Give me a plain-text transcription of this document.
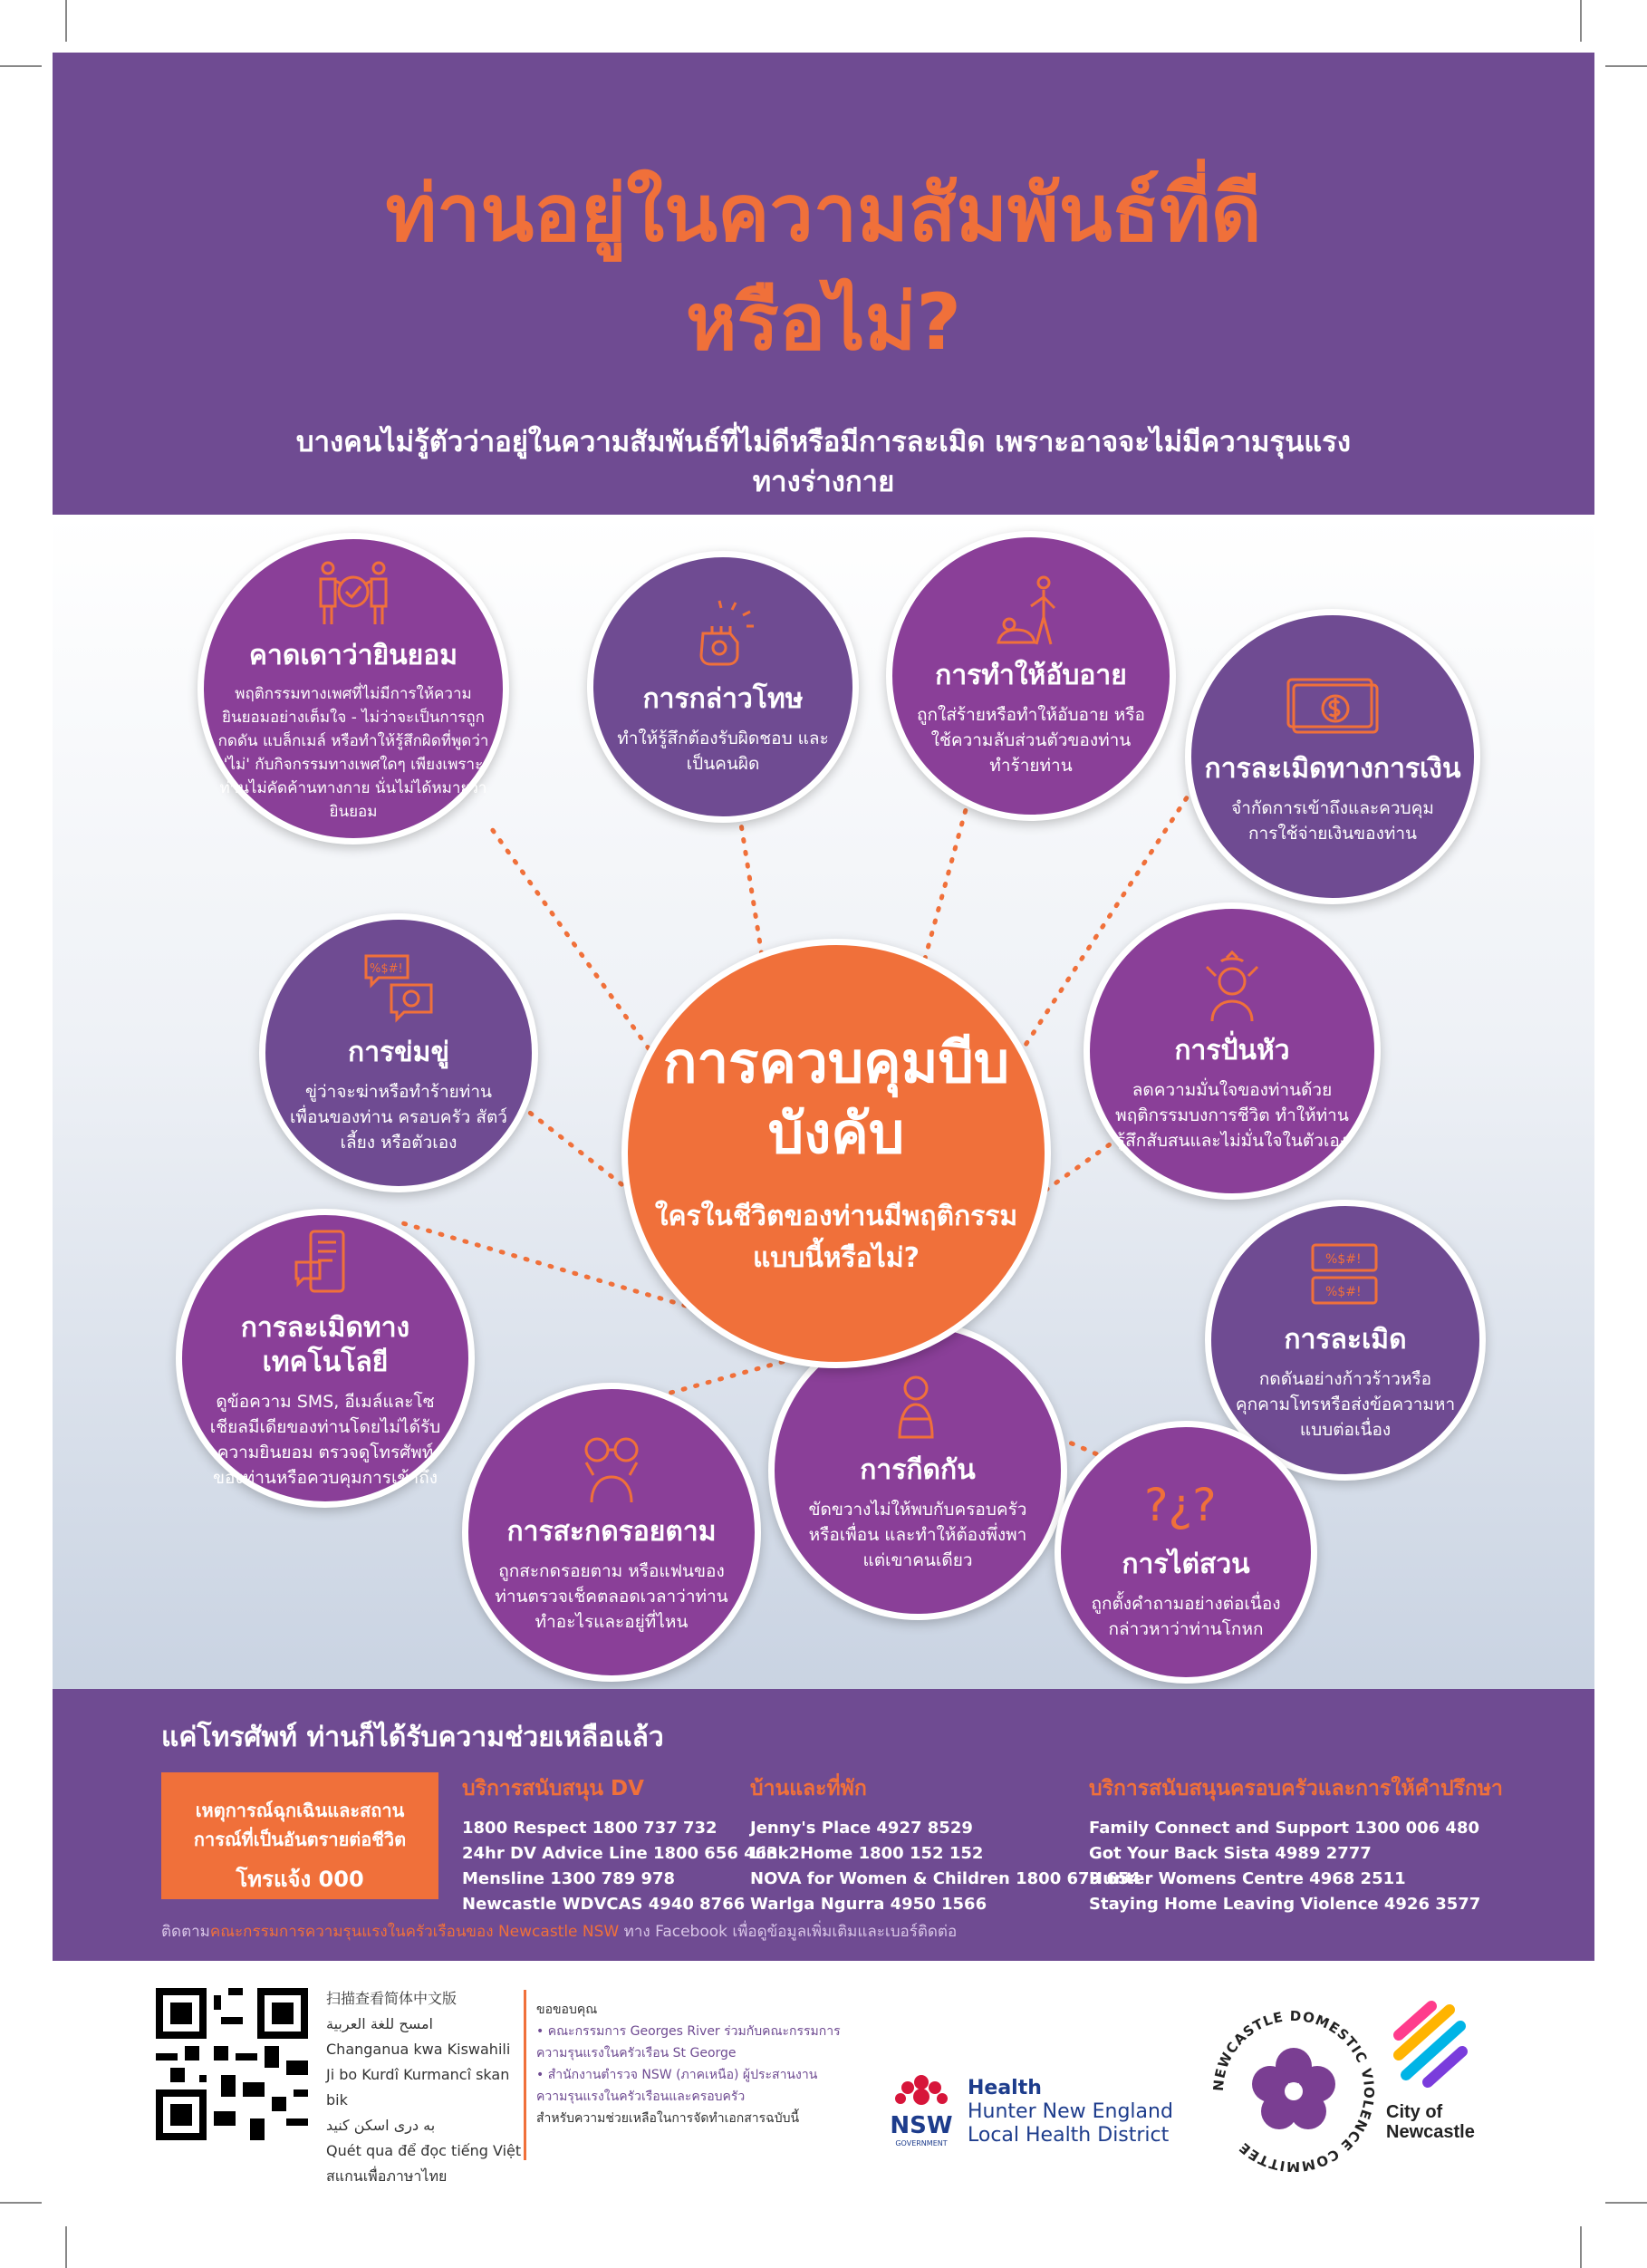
ท่านอยู่ในความสัมพันธ์ที่ดี
หรือไม่?
บางคนไม่รู้ตัวว่าอยู่ในความสัมพันธ์ที่ไม่ดีหรือมีการละเมิด เพราะอาจจะไม่มีความรุนแรง
ทางร่างกาย
คาดเดาว่ายินยอม

พฤติกรรมทางเพศที่ไม่มีการให้ความยินยอมอย่างเต็มใจ - ไม่ว่าจะเป็นการถูกกดดัน แบล็กเมล์ หรือทำให้รู้สึกผิดที่พูดว่า 'ไม่' กับกิจกรรมทางเพศใดๆ เพียงเพราะท่านไม่คัดค้านทางกาย นั่นไม่ได้หมายว่ายินยอม

การกล่าวโทษ

ทำให้รู้สึกต้องรับผิดชอบ และเป็นคนผิด

การทำให้อับอาย

ถูกใส่ร้ายหรือทำให้อับอาย หรือใช้ความลับส่วนตัวของท่านทำร้ายท่าน	การละเมิดทางการเงิน

จำกัดการเข้าถึงและควบคุมการใช้จ่ายเงินของท่าน

%$#!
การข่มขู่

ขู่ว่าจะฆ่าหรือทำร้ายท่าน เพื่อนของท่าน ครอบครัว สัตว์เลี้ยง หรือตัวเอง

การปั่นหัว

ลดความมั่นใจของท่านด้วยพฤติกรรมบงการชีวิต ทำให้ท่านรู้สึกสับสนและไม่มั่นใจในตัวเอง

การละเมิดทาง
เทคโนโลยี

ดูข้อความ SMS, อีเมล์และโซเชียลมีเดียของท่านโดยไม่ได้รับความยินยอม ตรวจดูโทรศัพท์ของท่านหรือควบคุมการเข้าถึง

%$#!
%$#!
การละเมิด

กดดันอย่างก้าวร้าวหรือคุกคามโทรหรือส่งข้อความหาแบบต่อเนื่อง

การกีดกัน

ขัดขวางไม่ให้พบกับครอบครัวหรือเพื่อน และทำให้ต้องพึ่งพาแต่เขาคนเดียว

การสะกดรอยตาม

ถูกสะกดรอยตาม หรือแฟนของท่านตรวจเช็คตลอดเวลาว่าท่านทำอะไรและอยู่ที่ไหน

?¿?
การไต่สวน

ถูกตั้งคำถามอย่างต่อเนื่องกล่าวหาว่าท่านโกหก

การควบคุมบีบ
บังคับ

ใครในชีวิตของท่านมีพฤติกรรม
แบบนี้หรือไม่?

แค่โทรศัพท์ ท่านก็ได้รับความช่วยเหลือแล้ว
เหตุการณ์ฉุกเฉินและสถาน
การณ์ที่เป็นอันตรายต่อชีวิต
โทรแจ้ง 000
บริการสนับสนุน DV
1800 Respect 1800 737 732
24hr DV Advice Line 1800 656 463
Mensline 1300 789 978
Newcastle WDVCAS 4940 8766
บ้านและที่พัก
Jenny's Place 4927 8529
Link2Home 1800 152 152
NOVA for Women & Children 1800 679 654
Warlga Ngurra 4950 1566
บริการสนับสนุนครอบครัวและการให้คำปรึกษา
Family Connect and Support 1300 006 480
Got Your Back Sista 4989 2777
Hunter Womens Centre 4968 2511
Staying Home Leaving Violence 4926 3577
ติดตามคณะกรรมการความรุนแรงในครัวเรือนของ Newcastle NSW ทาง Facebook เพื่อดูข้อมูลเพิ่มเติมและเบอร์ติดต่อ
扫描查看简体中文版
امسح للغة العربية
Changanua kwa Kiswahili
Ji bo Kurdî Kurmancî skan bik
به دری اسکن کنید
Quét qua để đọc tiếng Việt
สแกนเพื่อภาษาไทย
ขอขอบคุณ
• คณะกรรมการ Georges River ร่วมกับคณะกรรมการความรุนแรงในครัวเรือน St George
• สำนักงานตำรวจ NSW (ภาคเหนือ) ผู้ประสานงานความรุนแรงในครัวเรือนและครอบครัว
สำหรับความช่วยเหลือในการจัดทำเอกสารฉบับนี้	NSW
GOVERNMENT
Health
Hunter New England
Local Health District
NEWCASTLE DOMESTIC VIOLENCE COMMITTEE
City of
Newcastle
